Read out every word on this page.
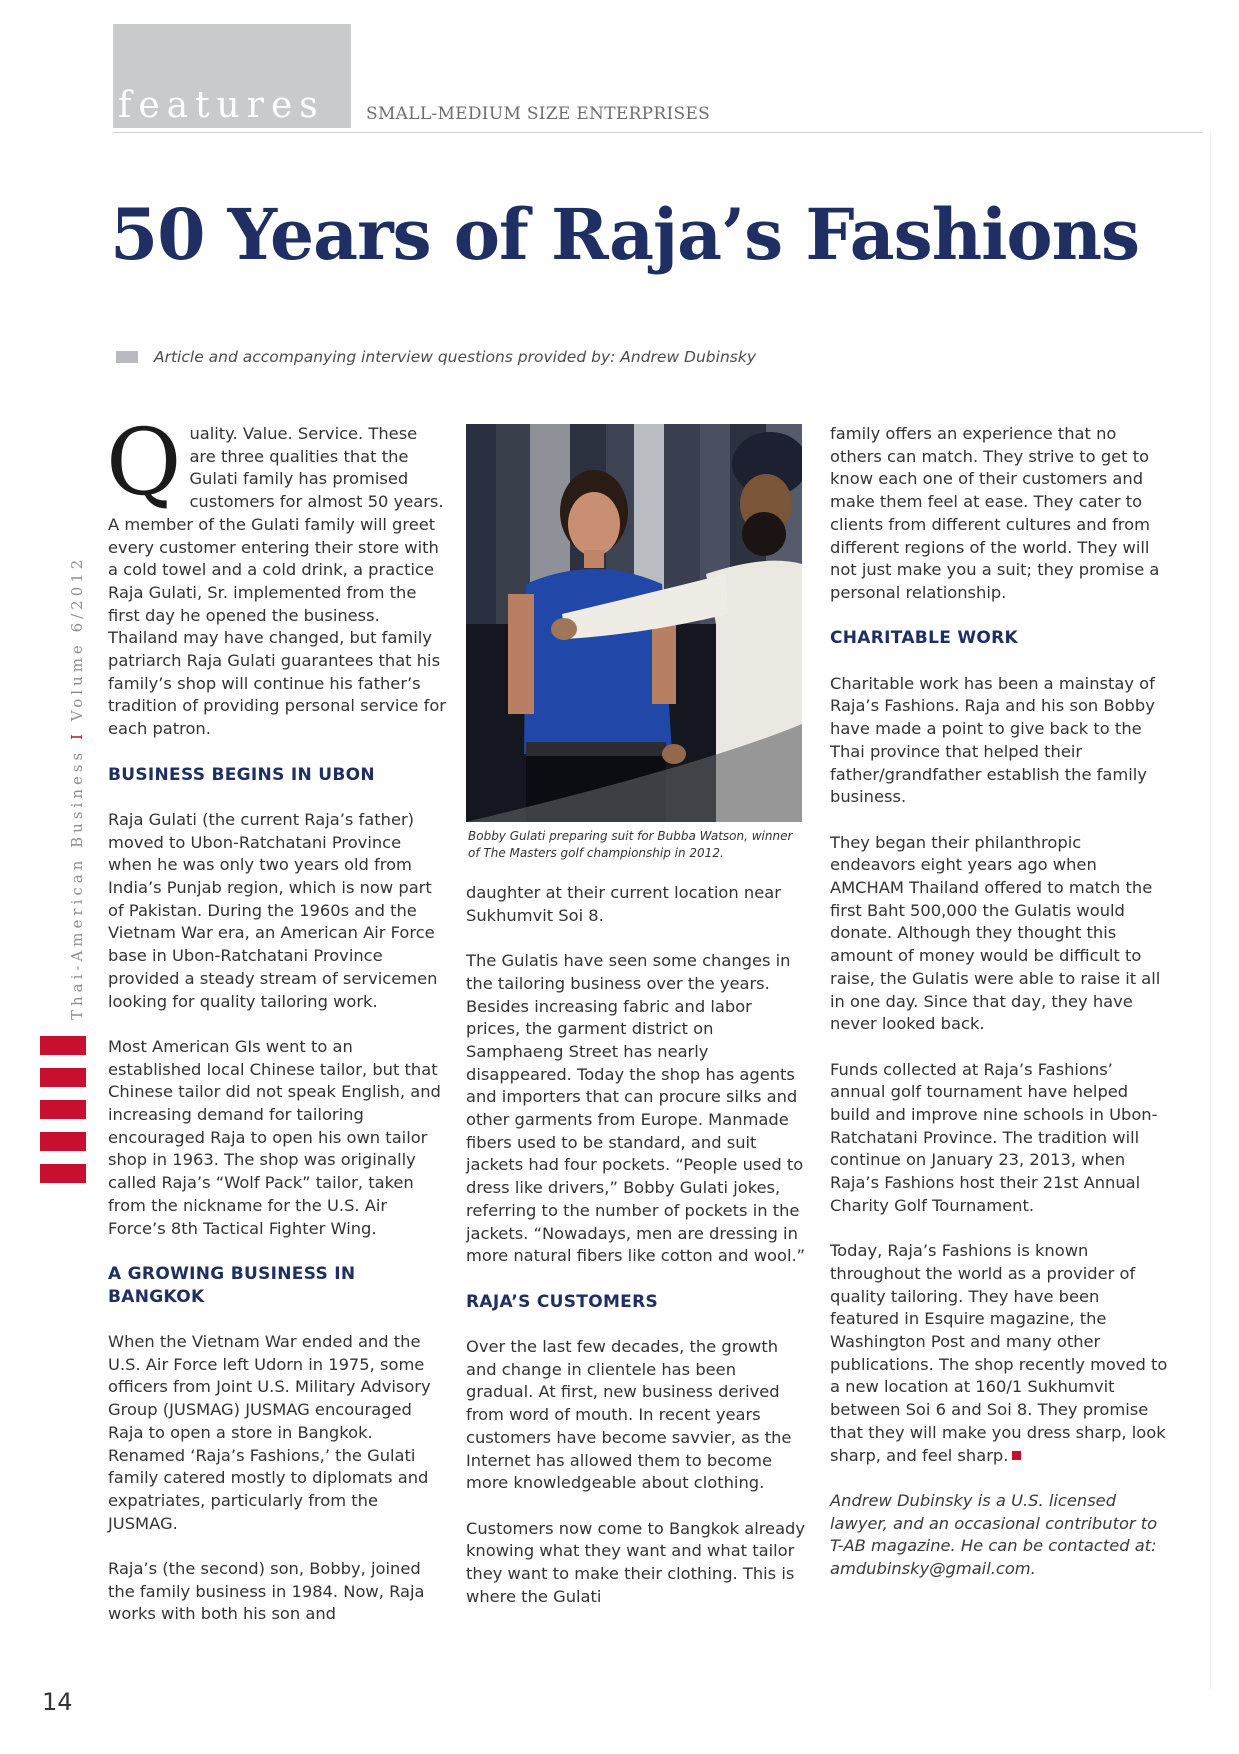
features SMALL-MEDIUM SIZE ENTERPRISES
50 Years of Raja’s Fashions
Article and accompanying interview questions provided by: Andrew Dubinsky
Thai-American Business I Volume 6/2012

Quality. Value. Service. These are three qualities that the Gulati family has promised customers for almost 50 years. A member of the Gulati family will greet every customer entering their store with a cold towel and a cold drink, a practice Raja Gulati, Sr. implemented from the first day he opened the business. Thailand may have changed, but family patriarch Raja Gulati guarantees that his family’s shop will continue his father’s tradition of providing personal service for each patron.

BUSINESS BEGINS IN UBON

Raja Gulati (the current Raja’s father) moved to Ubon-Ratchatani Province when he was only two years old from India’s Punjab region, which is now part of Pakistan. During the 1960s and the Vietnam War era, an American Air Force base in Ubon-Ratchatani Province provided a steady stream of servicemen looking for quality tailoring work.

Most American GIs went to an established local Chinese tailor, but that Chinese tailor did not speak English, and increasing demand for tailoring encouraged Raja to open his own tailor shop in 1963. The shop was originally called Raja’s “Wolf Pack” tailor, taken from the nickname for the U.S. Air Force’s 8th Tactical Fighter Wing.

A GROWING BUSINESS IN BANGKOK

When the Vietnam War ended and the U.S. Air Force left Udorn in 1975, some officers from Joint U.S. Military Advisory Group (JUSMAG) JUSMAG encouraged Raja to open a store in Bangkok. Renamed ‘Raja’s Fashions,’ the Gulati family catered mostly to diplomats and expatriates, particularly from the JUSMAG.

Raja’s (the second) son, Bobby, joined the family business in 1984. Now, Raja works with both his son and

Bobby Gulati preparing suit for Bubba Watson, winner of The Masters golf championship in 2012.

daughter at their current location near Sukhumvit Soi 8.

The Gulatis have seen some changes in the tailoring business over the years. Besides increasing fabric and labor prices, the garment district on Samphaeng Street has nearly disappeared. Today the shop has agents and importers that can procure silks and other garments from Europe. Manmade fibers used to be standard, and suit jackets had four pockets. “People used to dress like drivers,” Bobby Gulati jokes, referring to the number of pockets in the jackets. “Nowadays, men are dressing in more natural fibers like cotton and wool.”

RAJA’S CUSTOMERS

Over the last few decades, the growth and change in clientele has been gradual. At first, new business derived from word of mouth. In recent years customers have become savvier, as the Internet has allowed them to become more knowledgeable about clothing.

Customers now come to Bangkok already knowing what they want and what tailor they want to make their clothing. This is where the Gulati

family offers an experience that no others can match. They strive to get to know each one of their customers and make them feel at ease. They cater to clients from different cultures and from different regions of the world. They will not just make you a suit; they promise a personal relationship.

CHARITABLE WORK

Charitable work has been a mainstay of Raja’s Fashions. Raja and his son Bobby have made a point to give back to the Thai province that helped their father/grandfather establish the family business.

They began their philanthropic endeavors eight years ago when AMCHAM Thailand offered to match the first Baht 500,000 the Gulatis would donate. Although they thought this amount of money would be difficult to raise, the Gulatis were able to raise it all in one day. Since that day, they have never looked back.

Funds collected at Raja’s Fashions’ annual golf tournament have helped build and improve nine schools in Ubon-Ratchatani Province. The tradition will continue on January 23, 2013, when Raja’s Fashions host their 21st Annual Charity Golf Tournament.

Today, Raja’s Fashions is known throughout the world as a provider of quality tailoring. They have been featured in Esquire magazine, the Washington Post and many other publications. The shop recently moved to a new location at 160/1 Sukhumvit between Soi 6 and Soi 8. They promise that they will make you dress sharp, look sharp, and feel sharp.

Andrew Dubinsky is a U.S. licensed lawyer, and an occasional contributor to T-AB magazine. He can be contacted at: amdubinsky@gmail.com.

14
